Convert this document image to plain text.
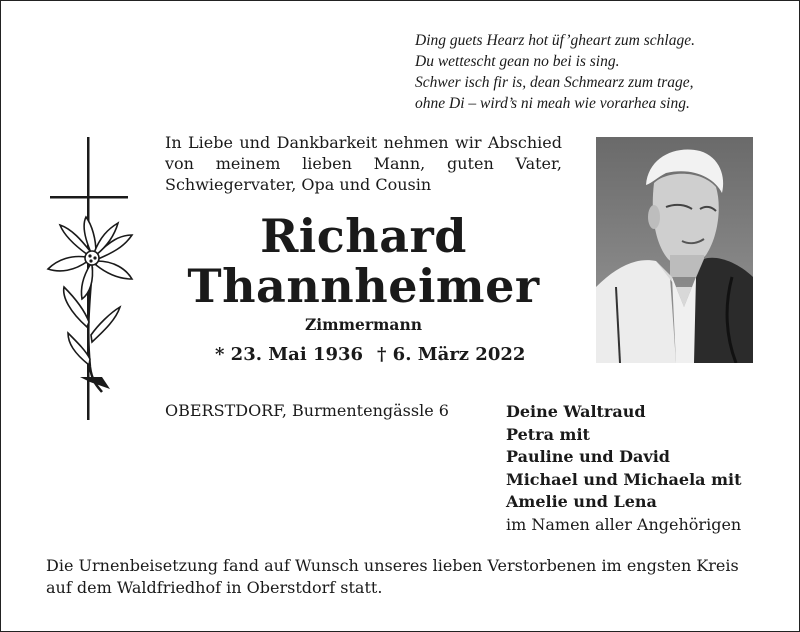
Ding guets Hearz hot üf’gheart zum schlage.
Du wettescht gean no bei is sing.
Schwer isch fir is, dean Schmearz zum trage,
ohne Di – wird’s ni meah wie vorarhea sing.
In Liebe und Dankbarkeit nehmen wir Abschied
von meinem lieben Mann, guten Vater,
Schwiegervater, Opa und Cousin
Richard
Thannheimer
Zimmermann
* 23. Mai 1936 † 6. März 2022
OBERSTDORF, Burmentengässle 6	Deine Waltraud
Petra mit
Pauline und David
Michael und Michaela mit
Amelie und Lena
im Namen aller Angehörigen
Die Urnenbeisetzung fand auf Wunsch unseres lieben Verstorbenen im engsten Kreis
auf dem Waldfriedhof in Oberstdorf statt.
